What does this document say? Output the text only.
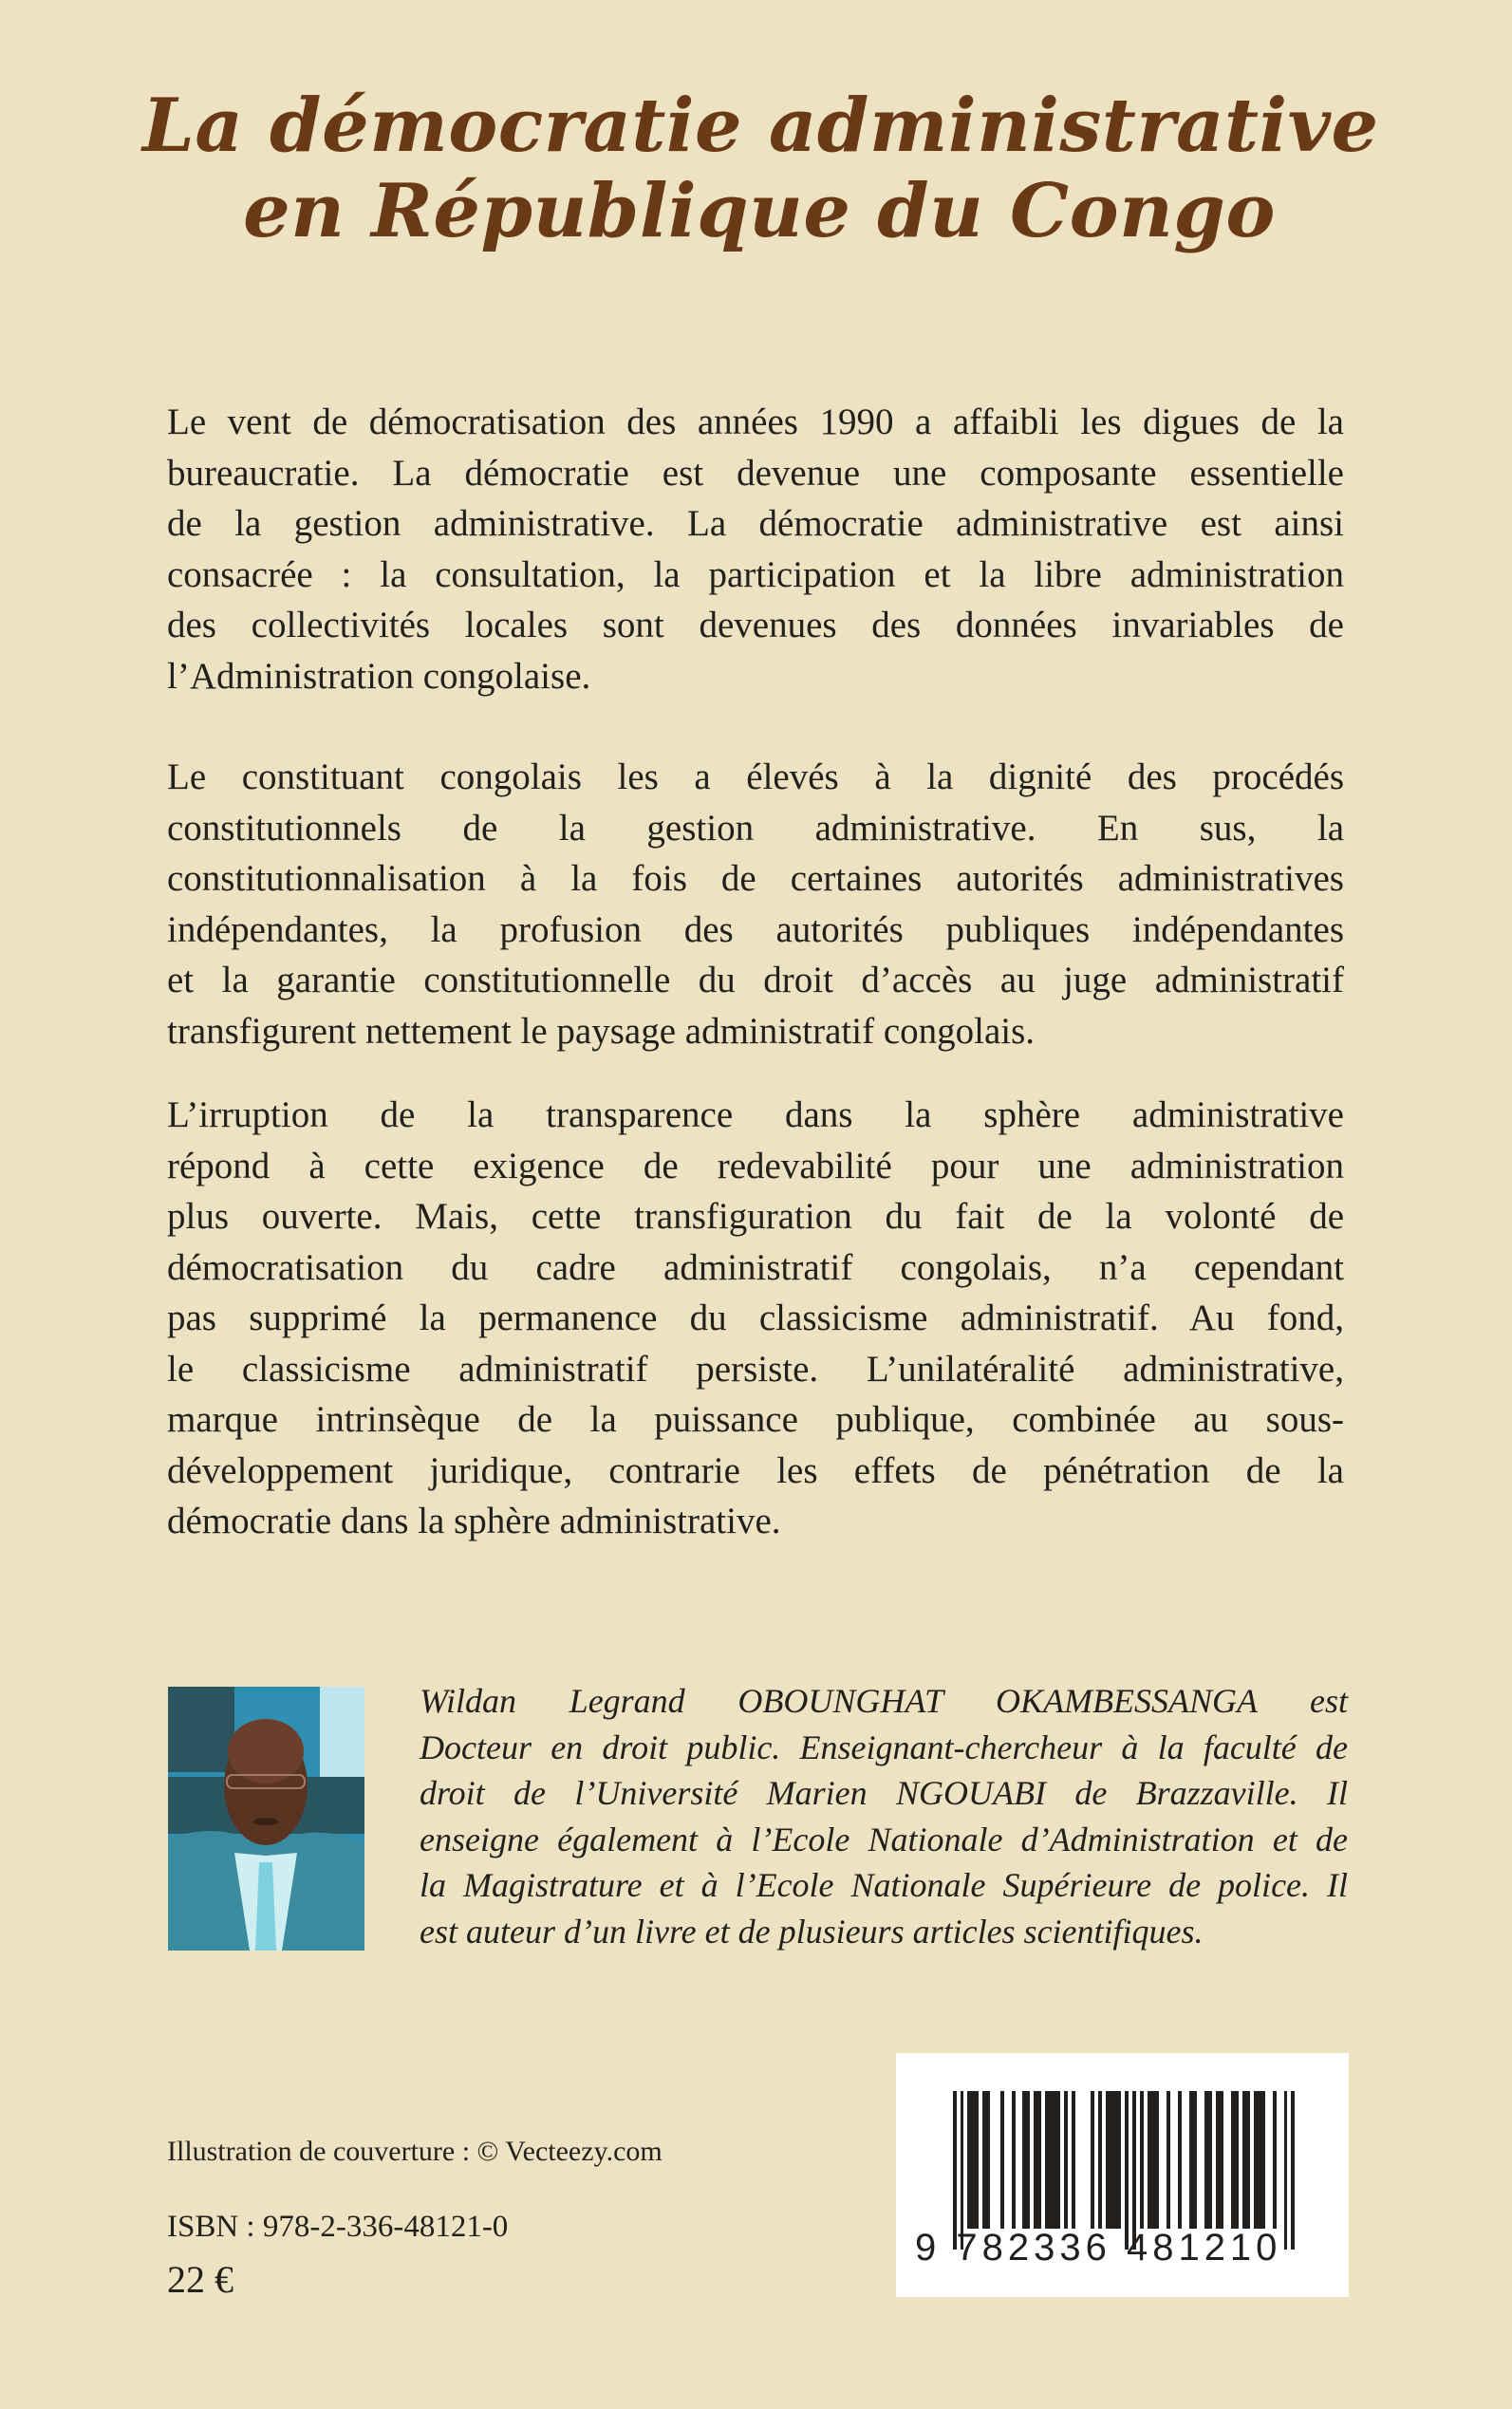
La démocratie administrative
en République du Congo
Le vent de démocratisation des années 1990 a affaibli les digues de la
bureaucratie. La démocratie est devenue une composante essentielle
de la gestion administrative. La démocratie administrative est ainsi
consacrée : la consultation, la participation et la libre administration
des collectivités locales sont devenues des données invariables de
l’Administration congolaise.
Le constituant congolais les a élevés à la dignité des procédés
constitutionnels de la gestion administrative. En sus, la
constitutionnalisation à la fois de certaines autorités administratives
indépendantes, la profusion des autorités publiques indépendantes
et la garantie constitutionnelle du droit d’accès au juge administratif
transfigurent nettement le paysage administratif congolais.
L’irruption de la transparence dans la sphère administrative
répond à cette exigence de redevabilité pour une administration
plus ouverte. Mais, cette transfiguration du fait de la volonté de
démocratisation du cadre administratif congolais, n’a cependant
pas supprimé la permanence du classicisme administratif. Au fond,
le classicisme administratif persiste. L’unilatéralité administrative,
marque intrinsèque de la puissance publique, combinée au sous-
développement juridique, contrarie les effets de pénétration de la
démocratie dans la sphère administrative.
Wildan Legrand OBOUNGHAT OKAMBESSANGA est
Docteur en droit public. Enseignant-chercheur à la faculté de
droit de l’Université Marien NGOUABI de Brazzaville. Il
enseigne également à l’Ecole Nationale d’Administration et de
la Magistrature et à l’Ecole Nationale Supérieure de police. Il
est auteur d’un livre et de plusieurs articles scientifiques.
Illustration de couverture : © Vecteezy.com
ISBN : 978-2-336-48121-0
22 €
9 782336 481210
